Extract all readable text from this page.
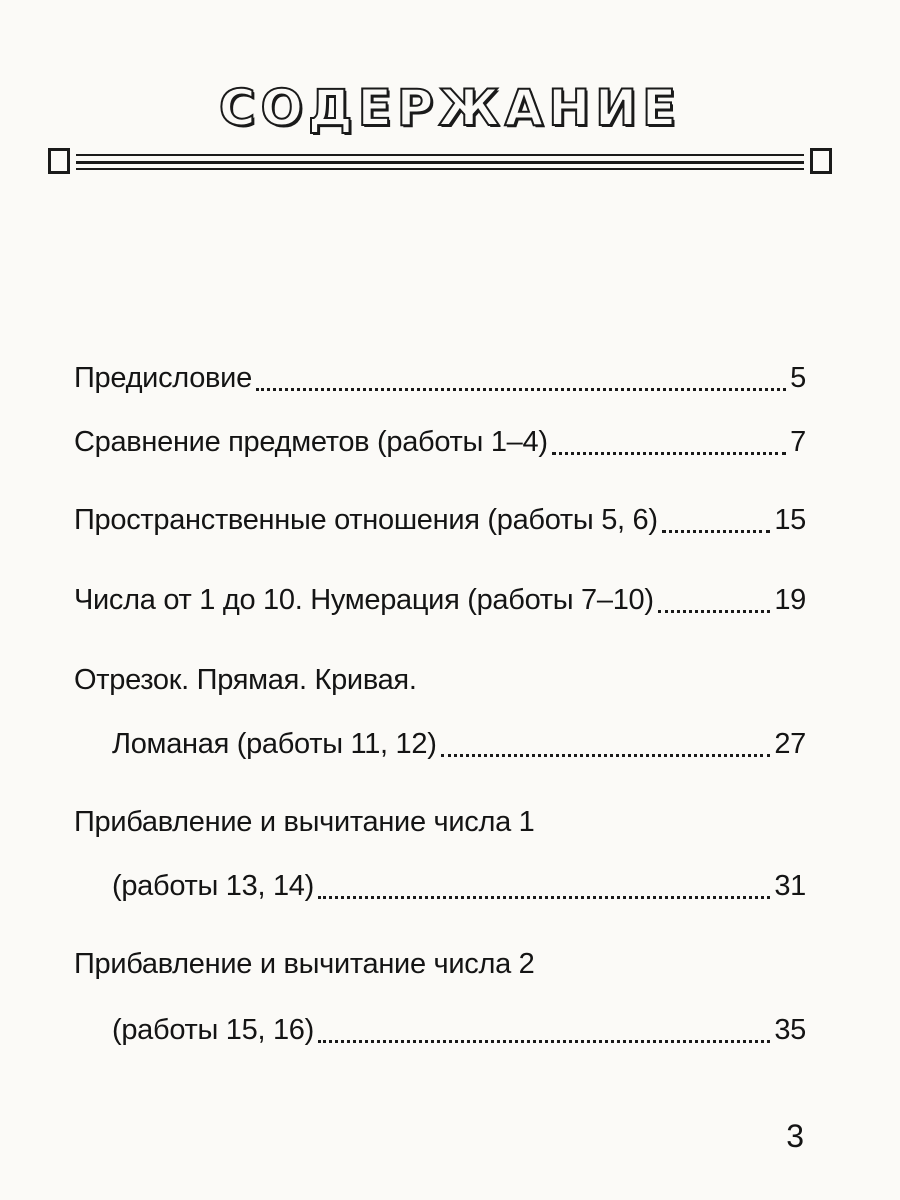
СОДЕРЖАНИЕ
Предисловие	5
Сравнение предметов (работы 1–4)	7
Пространственные отношения (работы 5, 6)	15
Числа от 1 до 10. Нумерация (работы 7–10)	19
Отрезок. Прямая. Кривая.
Ломаная (работы 11, 12)	27
Прибавление и вычитание числа 1
(работы 13, 14)	31
Прибавление и вычитание числа 2
(работы 15, 16)	35
3
